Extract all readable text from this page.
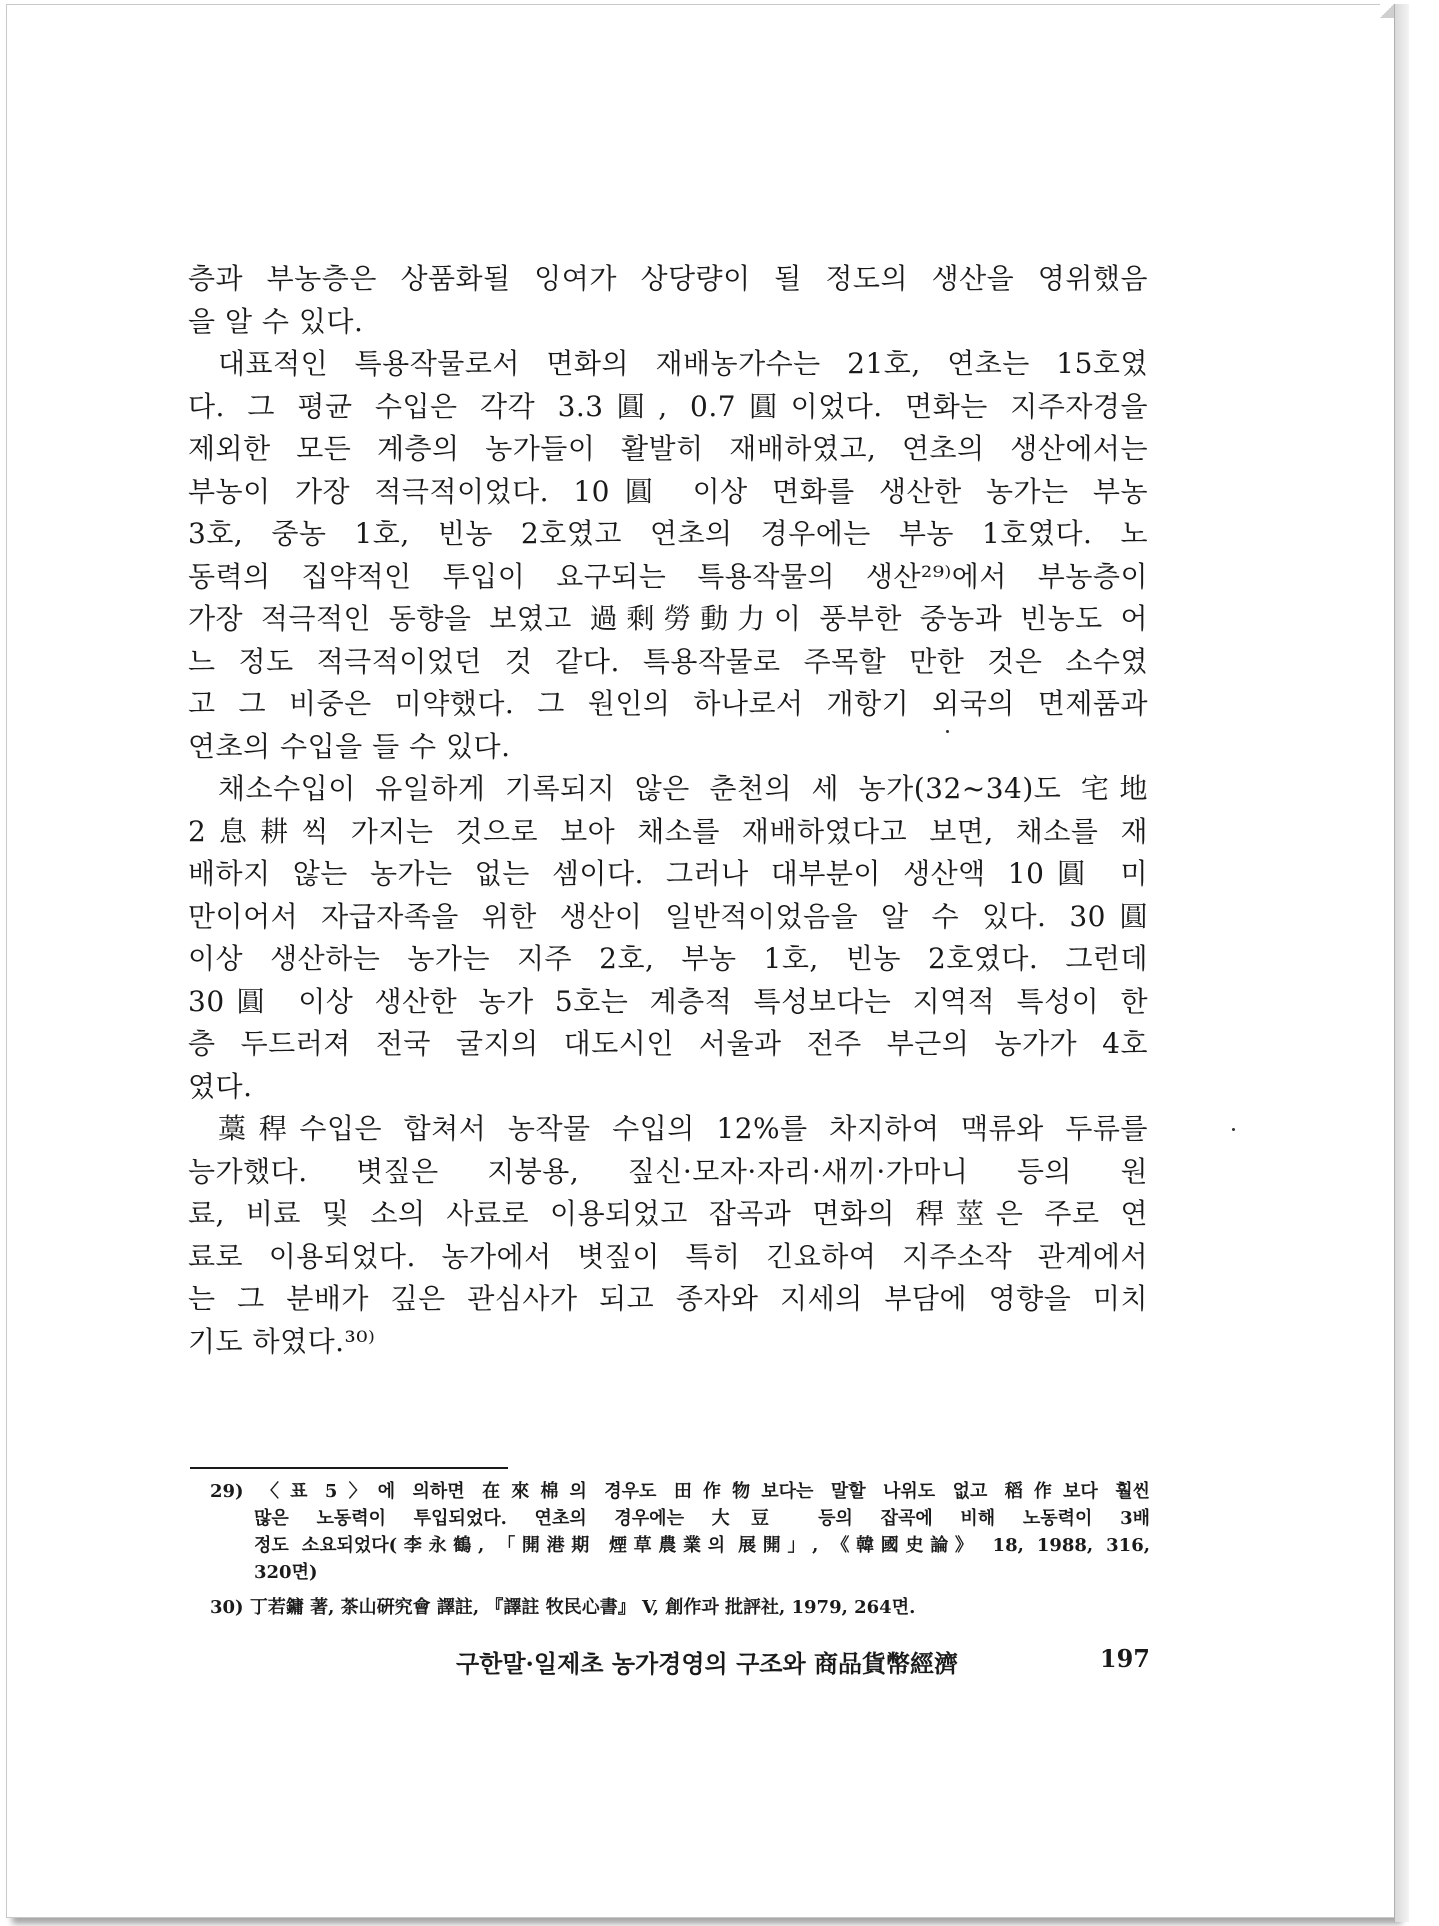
층과 부농층은 상품화될 잉여가 상당량이 될 정도의 생산을 영위했음
을 알 수 있다.
대표적인 특용작물로서 면화의 재배농가수는 21호, 연초는 15호였
다. 그 평균 수입은 각각 3.3圓, 0.7圓이었다. 면화는 지주자경을
제외한 모든 계층의 농가들이 활발히 재배하였고, 연초의 생산에서는
부농이 가장 적극적이었다. 10圓 이상 면화를 생산한 농가는 부농
3호, 중농 1호, 빈농 2호였고 연초의 경우에는 부농 1호였다. 노
동력의 집약적인 투입이 요구되는 특용작물의 생산²⁹⁾에서 부농층이
가장 적극적인 동향을 보였고 過剩勞動力이 풍부한 중농과 빈농도 어
느 정도 적극적이었던 것 같다. 특용작물로 주목할 만한 것은 소수였
고 그 비중은 미약했다. 그 원인의 하나로서 개항기 외국의 면제품과
연초의 수입을 들 수 있다.
채소수입이 유일하게 기록되지 않은 춘천의 세 농가(32~34)도 宅地
2息耕씩 가지는 것으로 보아 채소를 재배하였다고 보면, 채소를 재
배하지 않는 농가는 없는 셈이다. 그러나 대부분이 생산액 10圓 미
만이어서 자급자족을 위한 생산이 일반적이었음을 알 수 있다. 30圓
이상 생산하는 농가는 지주 2호, 부농 1호, 빈농 2호였다. 그런데
30圓 이상 생산한 농가 5호는 계층적 특성보다는 지역적 특성이 한
층 두드러져 전국 굴지의 대도시인 서울과 전주 부근의 농가가 4호
였다.
藁稈수입은 합쳐서 농작물 수입의 12%를 차지하여 맥류와 두류를
능가했다. 볏짚은 지붕용, 짚신·모자·자리·새끼·가마니 등의 원
료, 비료 및 소의 사료로 이용되었고 잡곡과 면화의 稈莖은 주로 연
료로 이용되었다. 농가에서 볏짚이 특히 긴요하여 지주소작 관계에서
는 그 분배가 깊은 관심사가 되고 종자와 지세의 부담에 영향을 미치
기도 하였다.³⁰⁾
29) 〈표 5〉에 의하면 在來棉의 경우도 田作物보다는 말할 나위도 없고 稻作보다 훨씬
많은 노동력이 투입되었다. 연초의 경우에는 大豆 등의 잡곡에 비해 노동력이 3배
정도 소요되었다(李永鶴, 「開港期 煙草農業의 展開」, 《韓國史論》 18, 1988, 316,
320면)
30) 丁若鏞 著, 茶山硏究會 譯註, 『譯註 牧民心書』 V, 創作과 批評社, 1979, 264면.
구한말·일제초 농가경영의 구조와 商品貨幣經濟	197
